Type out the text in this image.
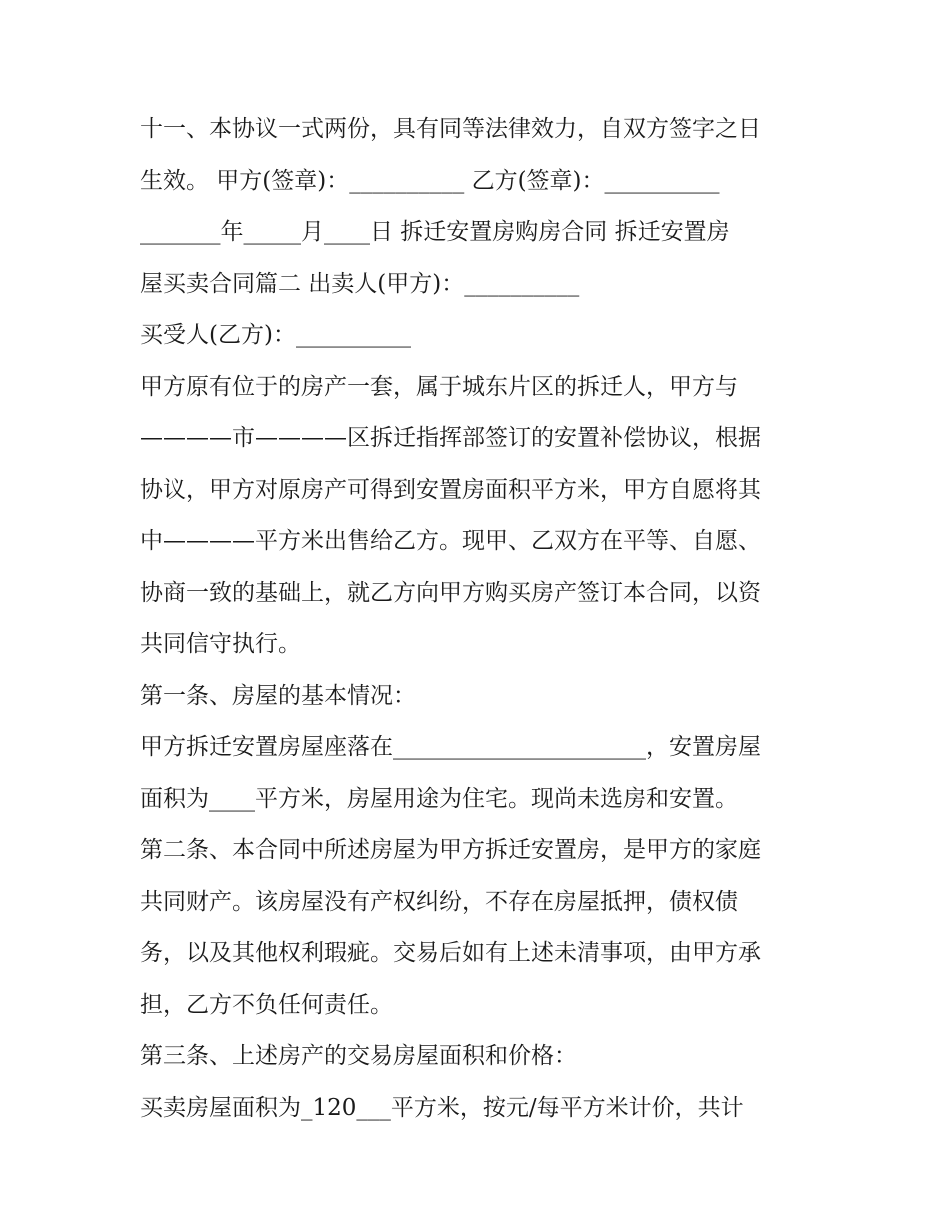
十一、本协议一式两份，具有同等法律效力，自双方签字之日
生效。 甲方(签章)：__________ 乙方(签章)：__________
_______年_____月____日 拆迁安置房购房合同 拆迁安置房
屋买卖合同篇二 出卖人(甲方)：__________
买受人(乙方)：__________
甲方原有位于的房产一套，属于城东片区的拆迁人，甲方与
————市————区拆迁指挥部签订的安置补偿协议，根据
协议，甲方对原房产可得到安置房面积平方米，甲方自愿将其
中————平方米出售给乙方。现甲、乙双方在平等、自愿、
协商一致的基础上，就乙方向甲方购买房产签订本合同，以资
共同信守执行。
第一条、房屋的基本情况：
甲方拆迁安置房屋座落在______________________，安置房屋
面积为____平方米，房屋用途为住宅。现尚未选房和安置。
第二条、本合同中所述房屋为甲方拆迁安置房，是甲方的家庭
共同财产。该房屋没有产权纠纷，不存在房屋抵押，债权债
务，以及其他权利瑕疵。交易后如有上述未清事项，由甲方承
担，乙方不负任何责任。
第三条、上述房产的交易房屋面积和价格：
买卖房屋面积为_120___平方米，按元/每平方米计价，共计
